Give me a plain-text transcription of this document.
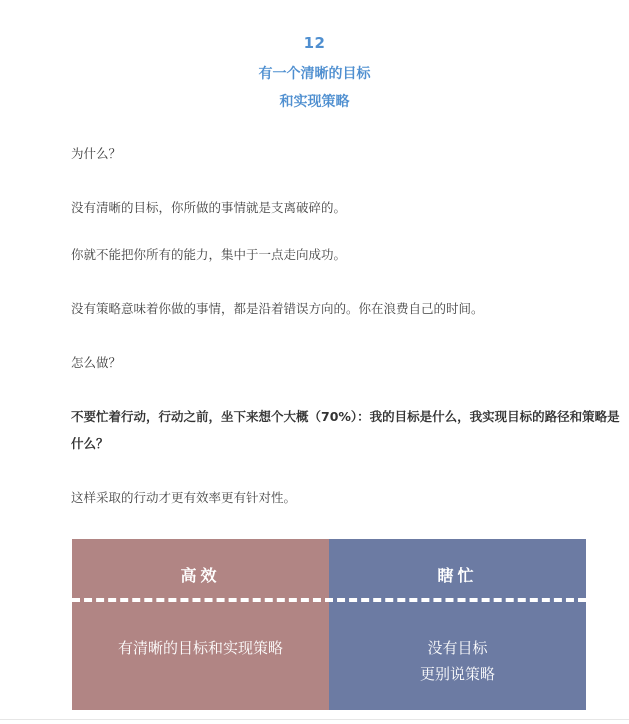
12
有一个清晰的目标
和实现策略
为什么？
没有清晰的目标，你所做的事情就是支离破碎的。
你就不能把你所有的能力，集中于一点走向成功。
没有策略意味着你做的事情，都是沿着错误方向的。你在浪费自己的时间。
怎么做？
不要忙着行动，行动之前，坐下来想个大概（70%）：我的目标是什么，我实现目标的路径和策略是什么？
这样采取的行动才更有效率更有针对性。
高效
有清晰的目标和实现策略
瞎忙
没有目标
更别说策略
